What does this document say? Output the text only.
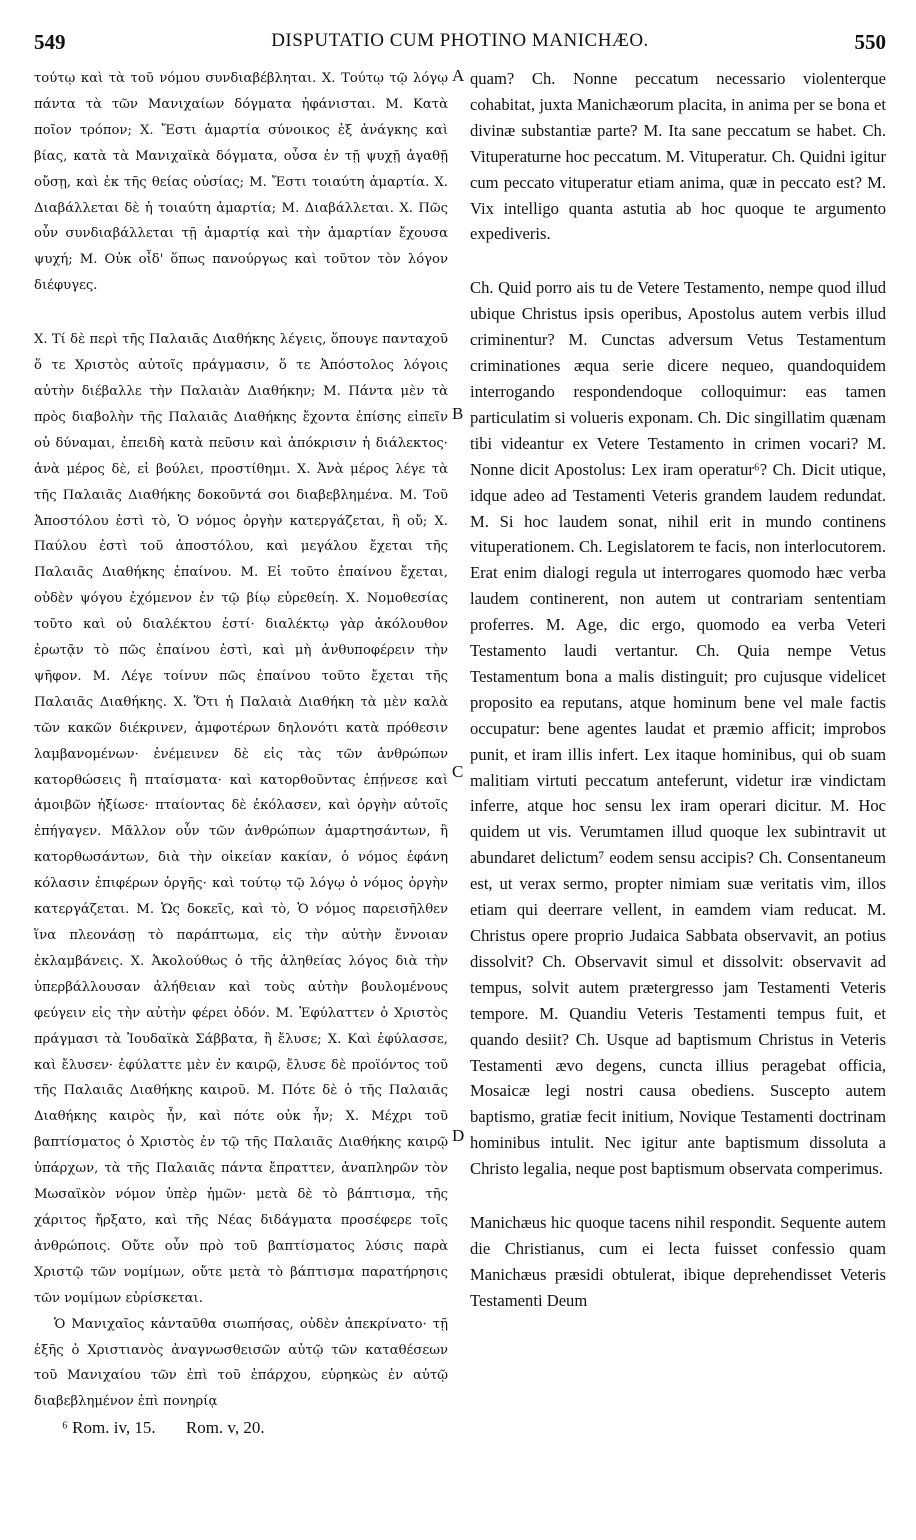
549	DISPUTATIO CUM PHOTINO MANICHÆO.	550

τούτῳ καὶ τὰ τοῦ νόμου συνδιαβέβληται. Χ. Τούτῳ τῷ λόγῳ πάντα τὰ τῶν Μανιχαίων δόγματα ἠφάνισται. Μ. Κατὰ ποῖον τρόπον; Χ. Ἔστι ἁμαρτία σύνοικος ἐξ ἀνάγκης καὶ βίας, κατὰ τὰ Μανιχαϊκὰ δόγματα, οὖσα ἐν τῇ ψυχῇ ἀγαθῇ οὔσῃ, καὶ ἐκ τῆς θείας οὐσίας; Μ. Ἔστι τοιαύτη ἁμαρτία. Χ. Διαβάλλεται δὲ ἡ τοιαύτη ἁμαρτία; Μ. Διαβάλλεται. Χ. Πῶς οὖν συνδιαβάλλεται τῇ ἁμαρτίᾳ καὶ τὴν ἁμαρτίαν ἔχουσα ψυχή; Μ. Οὐκ οἶδ' ὅπως πανούργως καὶ τοῦτον τὸν λόγον διέφυγες.

Χ. Τί δὲ περὶ τῆς Παλαιᾶς Διαθήκης λέγεις, ὅπουγε πανταχοῦ ὅ τε Χριστὸς αὐτοῖς πράγμασιν, ὅ τε Ἀπόστολος λόγοις αὐτὴν διέβαλλε τὴν Παλαιὰν Διαθήκην; Μ. Πάντα μὲν τὰ πρὸς διαβολὴν τῆς Παλαιᾶς Διαθήκης ἔχοντα ἐπίσης εἰπεῖν οὐ δύναμαι, ἐπειδὴ κατὰ πεῦσιν καὶ ἀπόκρισιν ἡ διάλεκτος· ἀνὰ μέρος δὲ, εἰ βούλει, προστίθημι. Χ. Ἀνὰ μέρος λέγε τὰ τῆς Παλαιᾶς Διαθήκης δοκοῦντά σοι διαβεβλημένα. Μ. Τοῦ Ἀποστόλου ἐστὶ τὸ, Ὁ νόμος ὀργὴν κατεργάζεται, ἢ οὔ; Χ. Παύλου ἐστὶ τοῦ ἀποστόλου, καὶ μεγάλου ἔχεται τῆς Παλαιᾶς Διαθήκης ἐπαίνου. Μ. Εἰ τοῦτο ἐπαίνου ἔχεται, οὐδὲν ψόγου ἐχόμενον ἐν τῷ βίῳ εὑρεθείη. Χ. Νομοθεσίας τοῦτο καὶ οὐ διαλέκτου ἐστί· διαλέκτῳ γὰρ ἀκόλουθον ἐρωτᾷν τὸ πῶς ἐπαίνου ἐστὶ, καὶ μὴ ἀνθυποφέρειν τὴν ψῆφον. Μ. Λέγε τοίνυν πῶς ἐπαίνου τοῦτο ἔχεται τῆς Παλαιᾶς Διαθήκης. Χ. Ὅτι ἡ Παλαιὰ Διαθήκη τὰ μὲν καλὰ τῶν κακῶν διέκρινεν, ἀμφοτέρων δηλονότι κατὰ πρόθεσιν λαμβανομένων· ἐνέμεινεν δὲ εἰς τὰς τῶν ἀνθρώπων κατορθώσεις ἢ πταίσματα· καὶ κατορθοῦντας ἐπῄνεσε καὶ ἀμοιβῶν ἠξίωσε· πταίοντας δὲ ἐκόλασεν, καὶ ὀργὴν αὐτοῖς ἐπήγαγεν. Μᾶλλον οὖν τῶν ἀνθρώπων ἁμαρτησάντων, ἢ κατορθωσάντων, διὰ τὴν οἰκείαν κακίαν, ὁ νόμος ἐφάνη κόλασιν ἐπιφέρων ὀργῆς· καὶ τούτῳ τῷ λόγῳ ὁ νόμος ὀργὴν κατεργάζεται. Μ. Ὡς δοκεῖς, καὶ τὸ, Ὁ νόμος παρεισῆλθεν ἵνα πλεονάσῃ τὸ παράπτωμα, εἰς τὴν αὐτὴν ἔννοιαν ἐκλαμβάνεις. Χ. Ἀκολούθως ὁ τῆς ἀληθείας λόγος διὰ τὴν ὑπερβάλλουσαν ἀλήθειαν καὶ τοὺς αὐτὴν βουλομένους φεύγειν εἰς τὴν αὐτὴν φέρει ὁδόν. Μ. Ἐφύλαττεν ὁ Χριστὸς πράγμασι τὰ Ἰουδαϊκὰ Σάββατα, ἢ ἔλυσε; Χ. Καὶ ἐφύλασσε, καὶ ἔλυσεν· ἐφύλαττε μὲν ἐν καιρῷ, ἔλυσε δὲ προϊόντος τοῦ τῆς Παλαιᾶς Διαθήκης καιροῦ. Μ. Πότε δὲ ὁ τῆς Παλαιᾶς Διαθήκης καιρὸς ἦν, καὶ πότε οὐκ ἦν; Χ. Μέχρι τοῦ βαπτίσματος ὁ Χριστὸς ἐν τῷ τῆς Παλαιᾶς Διαθήκης καιρῷ ὑπάρχων, τὰ τῆς Παλαιᾶς πάντα ἔπραττεν, ἀναπληρῶν τὸν Μωσαϊκὸν νόμον ὑπὲρ ἡμῶν· μετὰ δὲ τὸ βάπτισμα, τῆς χάριτος ἤρξατο, καὶ τῆς Νέας διδάγματα προσέφερε τοῖς ἀνθρώποις. Οὔτε οὖν πρὸ τοῦ βαπτίσματος λύσις παρὰ Χριστῷ τῶν νομίμων, οὔτε μετὰ τὸ βάπτισμα παρατήρησις τῶν νομίμων εὑρίσκεται.

Ὁ Μανιχαῖος κἀνταῦθα σιωπήσας, οὐδὲν ἀπεκρίνατο· τῇ ἑξῆς ὁ Χριστιανὸς ἀναγνωσθεισῶν αὐτῷ τῶν καταθέσεων τοῦ Μανιχαίου τῶν ἐπὶ τοῦ ἐπάρχου, εὑρηκὼς ἐν αὐτῷ διαβεβλημένον ἐπὶ πονηρίᾳ

quam? Ch. Nonne peccatum necessario violenterque cohabitat, juxta Manichæorum placita, in anima per se bona et divinæ substantiæ parte? M. Ita sane peccatum se habet. Ch. Vituperaturne hoc peccatum. M. Vituperatur. Ch. Quidni igitur cum peccato vituperatur etiam anima, quæ in peccato est? M. Vix intelligo quanta astutia ab hoc quoque te argumento expediveris.

Ch. Quid porro ais tu de Vetere Testamento, nempe quod illud ubique Christus ipsis operibus, Apostolus autem verbis illud criminentur? M. Cunctas adversum Vetus Testamentum criminationes æqua serie dicere nequeo, quandoquidem interrogando respondendoque colloquimur: eas tamen particulatim si volueris exponam. Ch. Dic singillatim quænam tibi videantur ex Vetere Testamento in crimen vocari? M. Nonne dicit Apostolus: Lex iram operatur⁶? Ch. Dicit utique, idque adeo ad Testamenti Veteris grandem laudem redundat. M. Si hoc laudem sonat, nihil erit in mundo continens vituperationem. Ch. Legislatorem te facis, non interlocutorem. Erat enim dialogi regula ut interrogares quomodo hæc verba laudem continerent, non autem ut contrariam sententiam proferres. M. Age, dic ergo, quomodo ea verba Veteri Testamento laudi vertantur. Ch. Quia nempe Vetus Testamentum bona a malis distinguit; pro cujusque videlicet proposito ea reputans, atque hominum bene vel male factis occupatur: bene agentes laudat et præmio afficit; improbos punit, et iram illis infert. Lex itaque hominibus, qui ob suam malitiam virtuti peccatum anteferunt, videtur iræ vindictam inferre, atque hoc sensu lex iram operari dicitur. M. Hoc quidem ut vis. Verumtamen illud quoque lex subintravit ut abundaret delictum⁷ eodem sensu accipis? Ch. Consentaneum est, ut verax sermo, propter nimiam suæ veritatis vim, illos etiam qui deerrare vellent, in eamdem viam reducat. M. Christus opere proprio Judaica Sabbata observavit, an potius dissolvit? Ch. Observavit simul et dissolvit: observavit ad tempus, solvit autem prætergresso jam Testamenti Veteris tempore. M. Quandiu Veteris Testamenti tempus fuit, et quando desiit? Ch. Usque ad baptismum Christus in Veteris Testamenti ævo degens, cuncta illius peragebat officia, Mosaicæ legi nostri causa obediens. Suscepto autem baptismo, gratiæ fecit initium, Novique Testamenti doctrinam hominibus intulit. Nec igitur ante baptismum dissoluta a Christo legalia, neque post baptismum observata comperimus.

Manichæus hic quoque tacens nihil respondit. Sequente autem die Christianus, cum ei lecta fuisset confessio quam Manichæus præsidi obtulerat, ibique deprehendisset Veteris Testamenti Deum

A
B
C
D
⁶ Rom. iv, 15. Rom. v, 20.
